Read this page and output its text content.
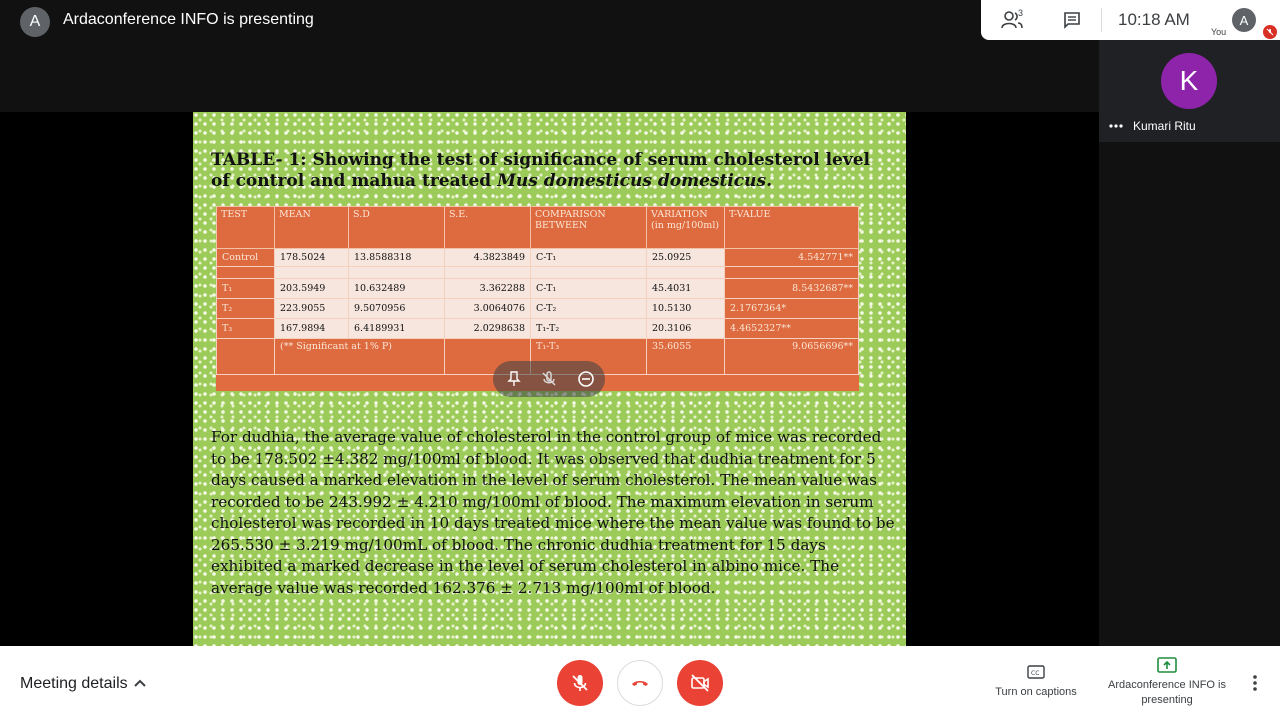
A	Ardaconference INFO is presenting	3	10:18 AM
You
A
TABLE- 1: Showing the test of significance of serum cholesterol level of control and mahua treated Mus domesticus domesticus.
TEST	MEAN	S.D	S.E.	COMPARISON BETWEEN	VARIATION (in mg/100ml)	T-VALUE
Control	178.5024	13.8588318	4.3823849	C-T₁	25.0925	4.542771**

T₁	203.5949	10.632489	3.362288	C-T₁	45.4031	8.5432687**
T₂	223.9055	9.5070956	3.0064076	C-T₂	10.5130	2.1767364*
T₃	167.9894	6.4189931	2.0298638	T₁-T₂	20.3106	4.4652327**
	(** Significant at 1% P)			T₁-T₃	35.6055	9.0656696**
For dudhia, the average value of cholesterol in the control group of mice was recorded to be 178.502 ±4.382 mg/100ml of blood. It was observed that dudhia treatment for 5 days caused a marked elevation in the level of serum cholesterol. The mean value was recorded to be 243.992 ± 4.210 mg/100ml of blood. The maximum elevation in serum cholesterol was recorded in 10 days treated mice where the mean value was found to be 265.530 ± 3.219 mg/100mL of blood. The chronic dudhia treatment for 15 days exhibited a marked decrease in the level of serum cholesterol in albino mice. The average value was recorded 162.376 ± 2.713 mg/100ml of blood.
K
Kumari Ritu
Meeting details
CC
Turn on captions
Ardaconference INFO is presenting
